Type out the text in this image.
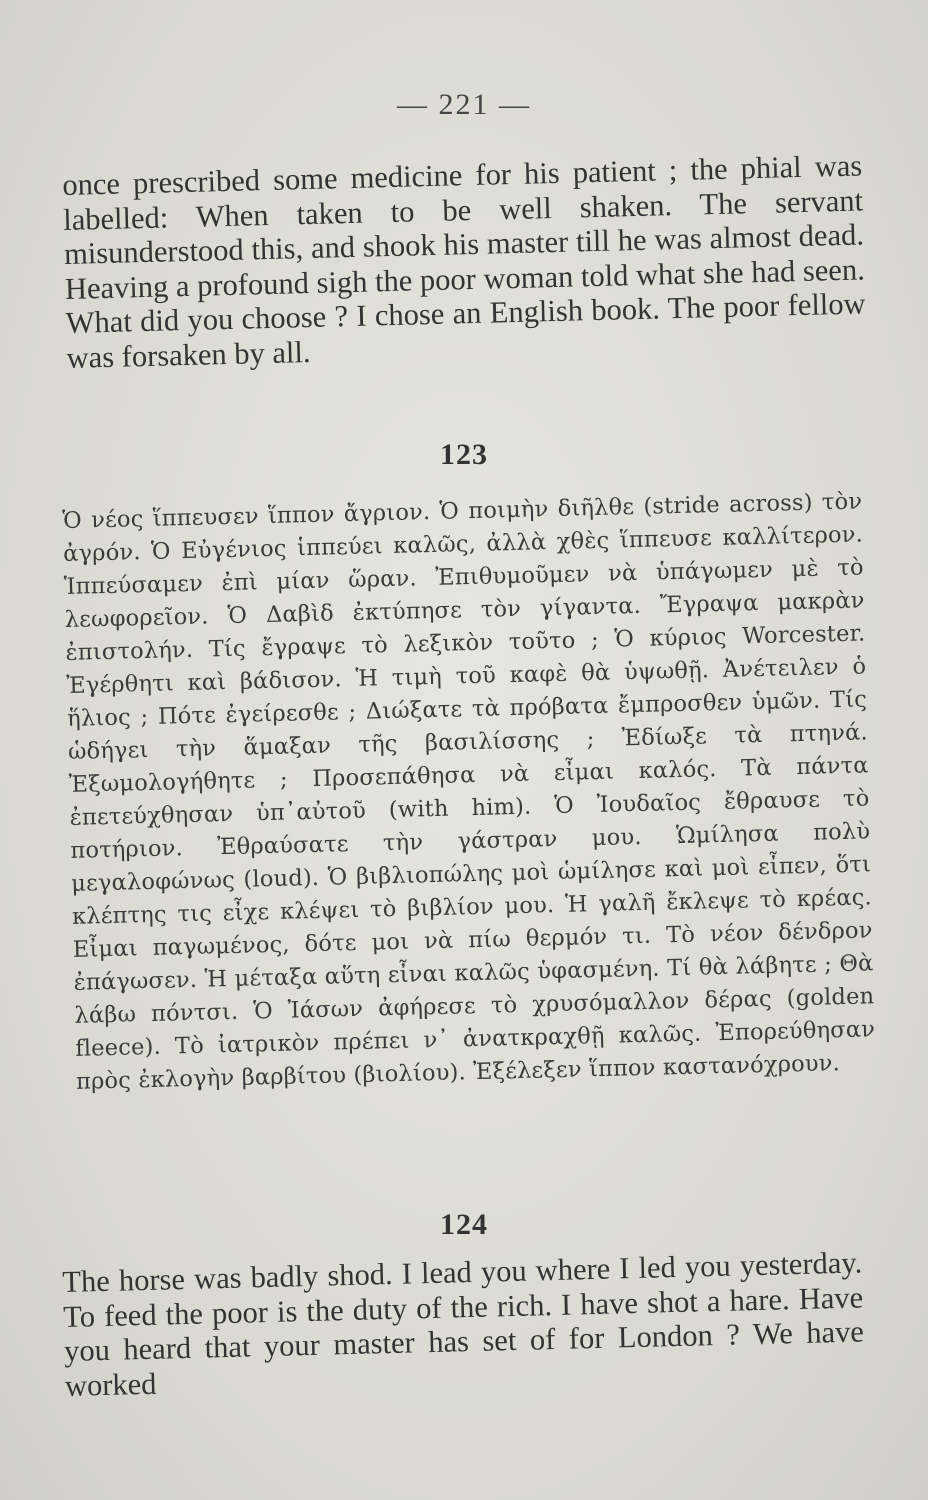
— 221 —

once prescribed some medicine for his patient ; the phial was labelled: When taken to be well shaken. The servant misunderstood this, and shook his master till he was almost dead. Heaving a profound sigh the poor woman told what she had seen. What did you choose ? I chose an English book. The poor fellow was forsaken by all.

123

Ὁ νέος ἵππευσεν ἵππον ἄγριον. Ὁ ποιμὴν διῆλθε (stride across) τὸν ἀγρόν. Ὁ Εὐγένιος ἱππεύει καλῶς, ἀλλὰ χθὲς ἵππευσε καλλίτερον. Ἱππεύσαμεν ἐπὶ μίαν ὥραν. Ἐπιθυμοῦμεν νὰ ὑπάγωμεν μὲ τὸ λεωφορεῖον. Ὁ Δαβὶδ ἐκτύπησε τὸν γίγαντα. Ἔγραψα μακρὰν ἐπιστολήν. Τίς ἔγραψε τὸ λεξικὸν τοῦτο ; Ὁ κύριος Worcester. Ἐγέρθητι καὶ βάδισον. Ἡ τιμὴ τοῦ καφὲ θὰ ὑψωθῇ. Ἀνέτειλεν ὁ ἥλιος ; Πότε ἐγείρεσθε ; Διώξατε τὰ πρόβατα ἔμπροσθεν ὑμῶν. Τίς ὡδήγει τὴν ἅμαξαν τῆς βασιλίσσης ; Ἐδίωξε τὰ πτηνά. Ἐξωμολογήθητε ; Προσεπάθησα νὰ εἶμαι καλός. Τὰ πάντα ἐπετεύχθησαν ὑπ᾽αὐτοῦ (with him). Ὁ Ἰουδαῖος ἔθραυσε τὸ ποτήριον. Ἐθραύσατε τὴν γάστραν μου. Ὡμίλησα πολὺ μεγαλοφώνως (loud). Ὁ βιβλιοπώλης μοὶ ὡμίλησε καὶ μοὶ εἶπεν, ὅτι κλέπτης τις εἶχε κλέψει τὸ βιβλίον μου. Ἡ γαλῆ ἔκλεψε τὸ κρέας. Εἶμαι παγωμένος, δότε μοι νὰ πίω θερμόν τι. Τὸ νέον δένδρον ἐπάγωσεν. Ἡ μέταξα αὕτη εἶναι καλῶς ὑφασμένη. Τί θὰ λάβητε ; Θὰ λάβω πόντσι. Ὁ Ἰάσων ἀφήρεσε τὸ χρυσόμαλλον δέρας (golden fleece). Τὸ ἰατρικὸν πρέπει ν᾽ ἀνατκραχθῇ καλῶς. Ἐπορεύθησαν πρὸς ἐκλογὴν βαρβίτου (βιολίου). Ἐξέλεξεν ἵππον καστανόχρουν.

124

The horse was badly shod. I lead you where I led you yesterday. To feed the poor is the duty of the rich. I have shot a hare. Have you heard that your master has set of for London ? We have worked
